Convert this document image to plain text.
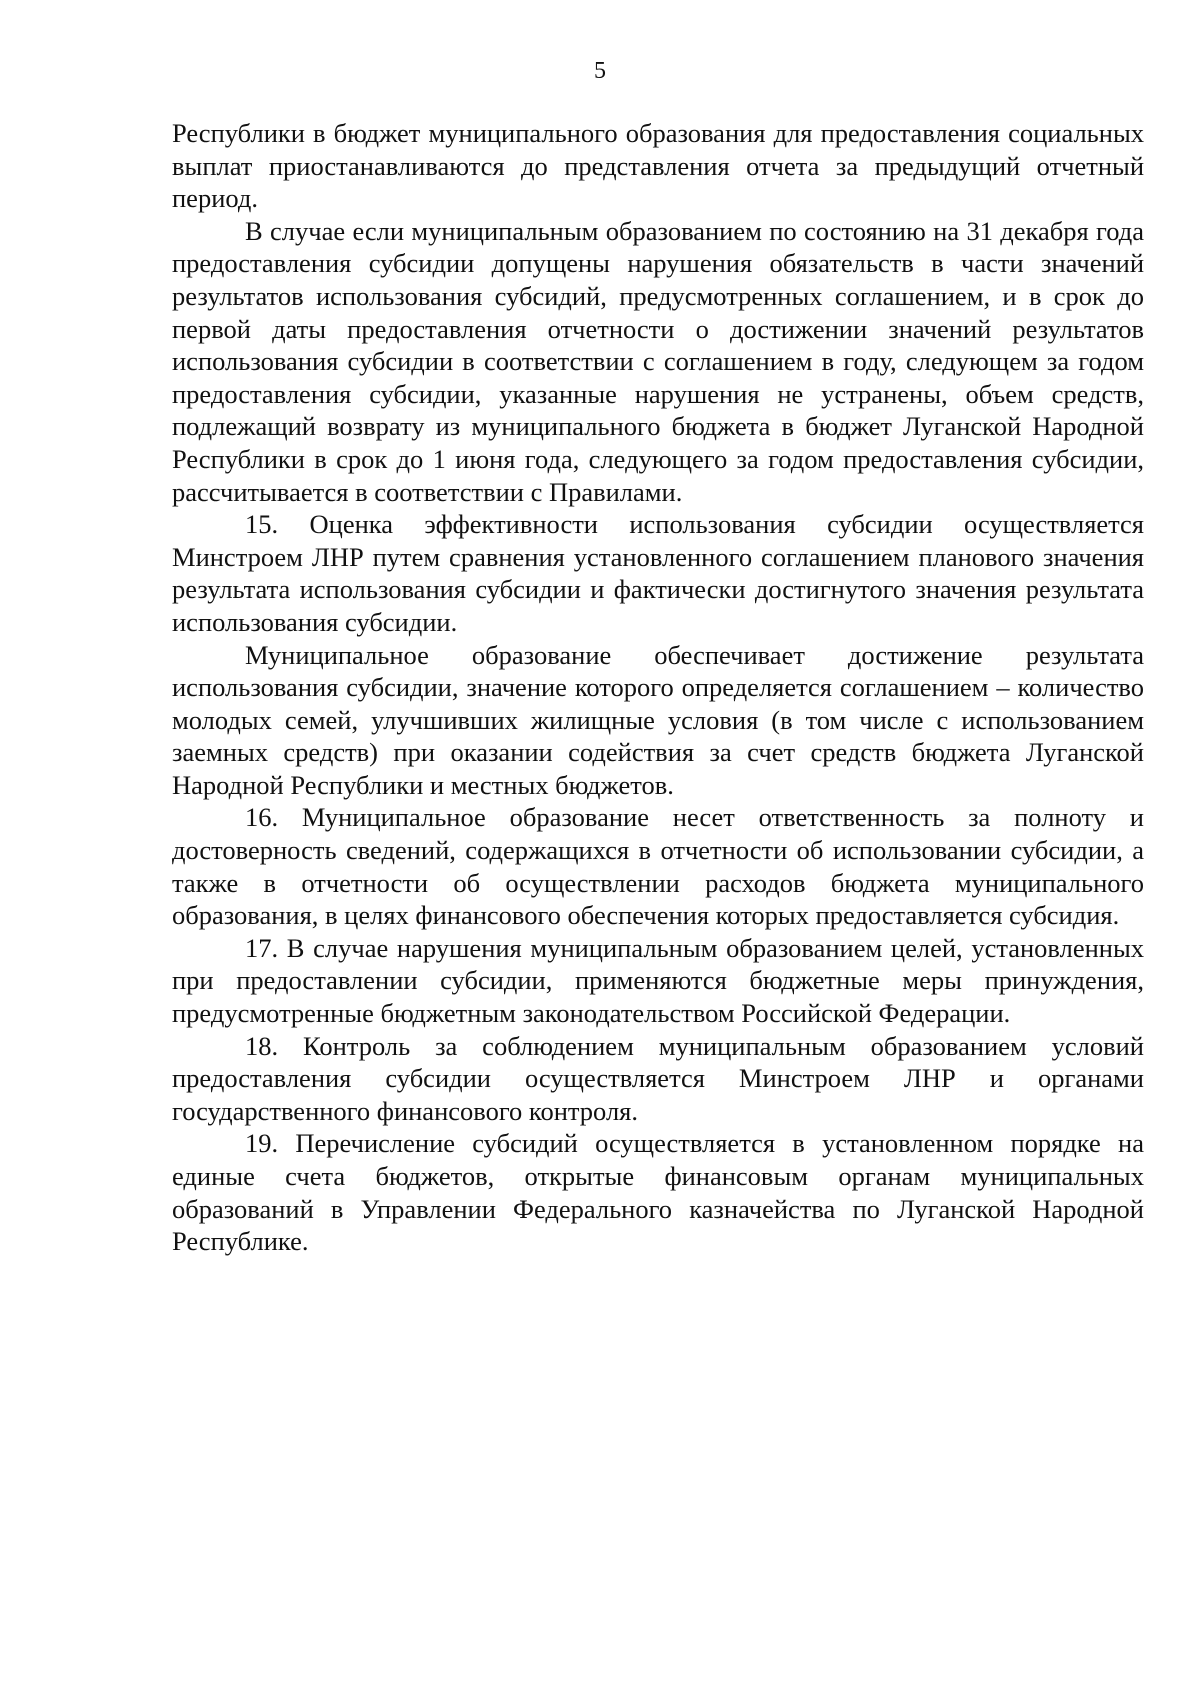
5

Республики в бюджет муниципального образования для предоставления социальных выплат приостанавливаются до представления отчета за предыдущий отчетный период.

В случае если муниципальным образованием по состоянию на 31 декабря года предоставления субсидии допущены нарушения обязательств в части значений результатов использования субсидий, предусмотренных соглашением, и в срок до первой даты предоставления отчетности о достижении значений результатов использования субсидии в соответствии с соглашением в году, следующем за годом предоставления субсидии, указанные нарушения не устранены, объем средств, подлежащий возврату из муниципального бюджета в бюджет Луганской Народной Республики в срок до 1 июня года, следующего за годом предоставления субсидии, рассчитывается в соответствии с Правилами.

15. Оценка эффективности использования субсидии осуществляется Минстроем ЛНР путем сравнения установленного соглашением планового значения результата использования субсидии и фактически достигнутого значения результата использования субсидии.

Муниципальное образование обеспечивает достижение результата использования субсидии, значение которого определяется соглашением – количество молодых семей, улучшивших жилищные условия (в том числе с использованием заемных средств) при оказании содействия за счет средств бюджета Луганской Народной Республики и местных бюджетов.

16. Муниципальное образование несет ответственность за полноту и достоверность сведений, содержащихся в отчетности об использовании субсидии, а также в отчетности об осуществлении расходов бюджета муниципального образования, в целях финансового обеспечения которых предоставляется субсидия.

17. В случае нарушения муниципальным образованием целей, установленных при предоставлении субсидии, применяются бюджетные меры принуждения, предусмотренные бюджетным законодательством Российской Федерации.

18. Контроль за соблюдением муниципальным образованием условий предоставления субсидии осуществляется Минстроем ЛНР и органами государственного финансового контроля.

19. Перечисление субсидий осуществляется в установленном порядке на единые счета бюджетов, открытые финансовым органам муниципальных образований в Управлении Федерального казначейства по Луганской Народной Республике.
